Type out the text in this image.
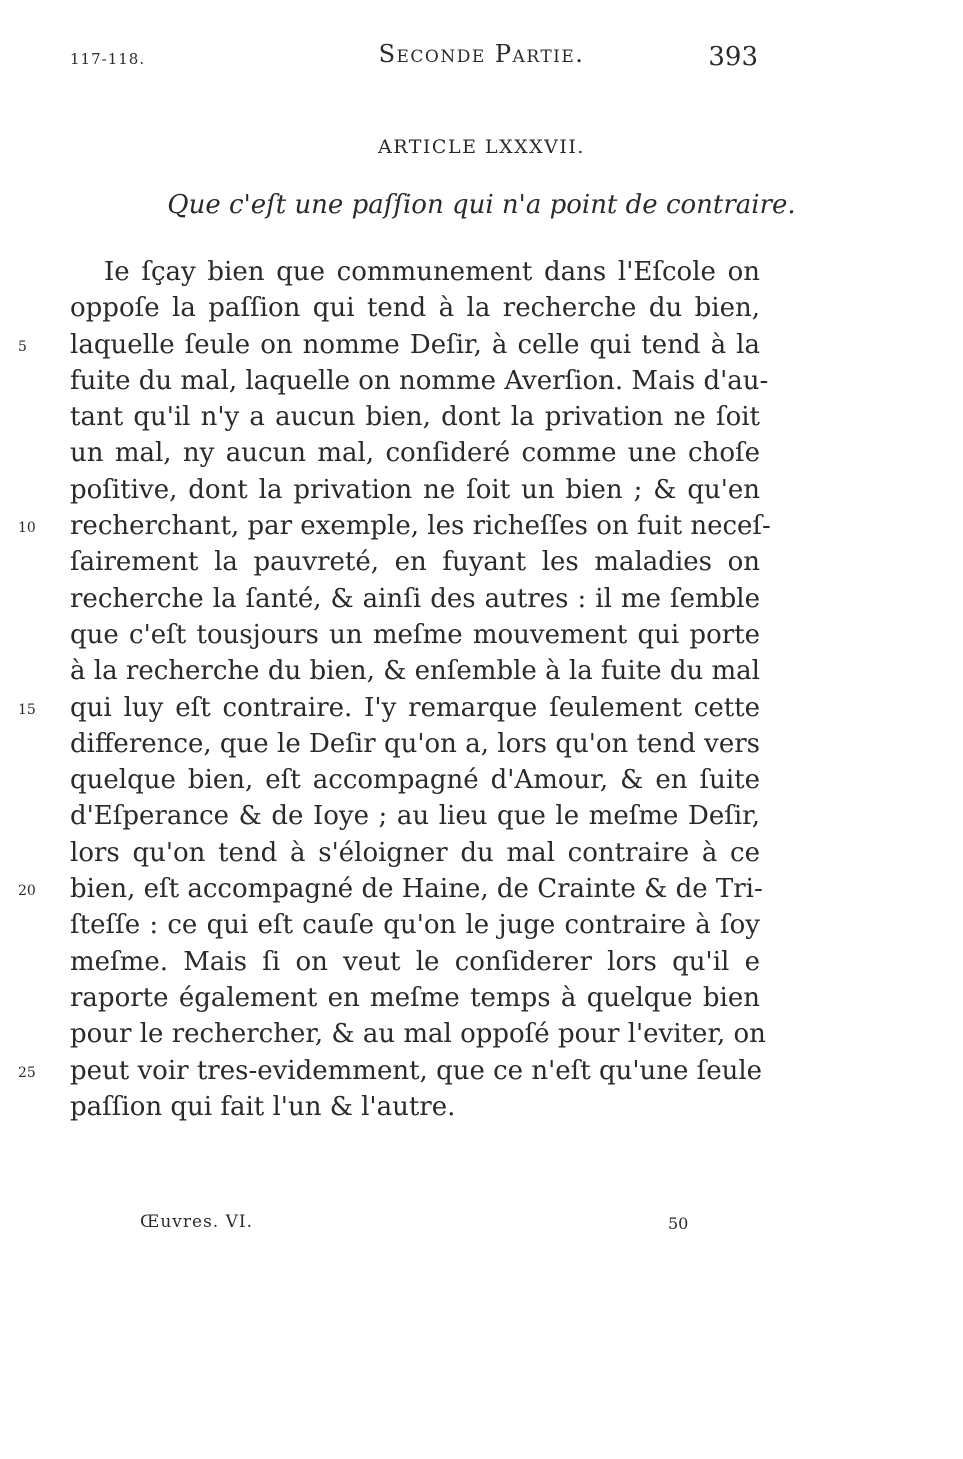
117-118.	Seconde Partie.	393
ARTICLE LXXXVII.
Que c'eſt une paſſion qui n'a point de contraire.
Ie ſçay bien que communement dans l'Eſcole on
oppoſe la paſſion qui tend à la recherche du bien,
5	laquelle ſeule on nomme Deſir, à celle qui tend à la
fuite du mal, laquelle on nomme Averſion. Mais d'au-
tant qu'il n'y a aucun bien, dont la privation ne ſoit
un mal, ny aucun mal, conſideré comme une choſe
poſitive, dont la privation ne ſoit un bien ; & qu'en
10	recherchant, par exemple, les richeſſes on fuit neceſ-
ſairement la pauvreté, en fuyant les maladies on
recherche la ſanté, & ainſi des autres : il me ſemble
que c'eſt tousjours un meſme mouvement qui porte
à la recherche du bien, & enſemble à la fuite du mal
15	qui luy eſt contraire. I'y remarque ſeulement cette
difference, que le Deſir qu'on a, lors qu'on tend vers
quelque bien, eſt accompagné d'Amour, & en ſuite
d'Eſperance & de Ioye ; au lieu que le meſme Deſir,
lors qu'on tend à s'éloigner du mal contraire à ce
20	bien, eſt accompagné de Haine, de Crainte & de Tri-
ſteſſe : ce qui eſt cauſe qu'on le juge contraire à ſoy
meſme. Mais ſi on veut le conſiderer lors qu'il e
raporte également en meſme temps à quelque bien
pour le rechercher, & au mal oppoſé pour l'eviter, on
25	peut voir tres-evidemment, que ce n'eſt qu'une ſeule
paſſion qui fait l'un & l'autre.
Œuvres. VI.	50
